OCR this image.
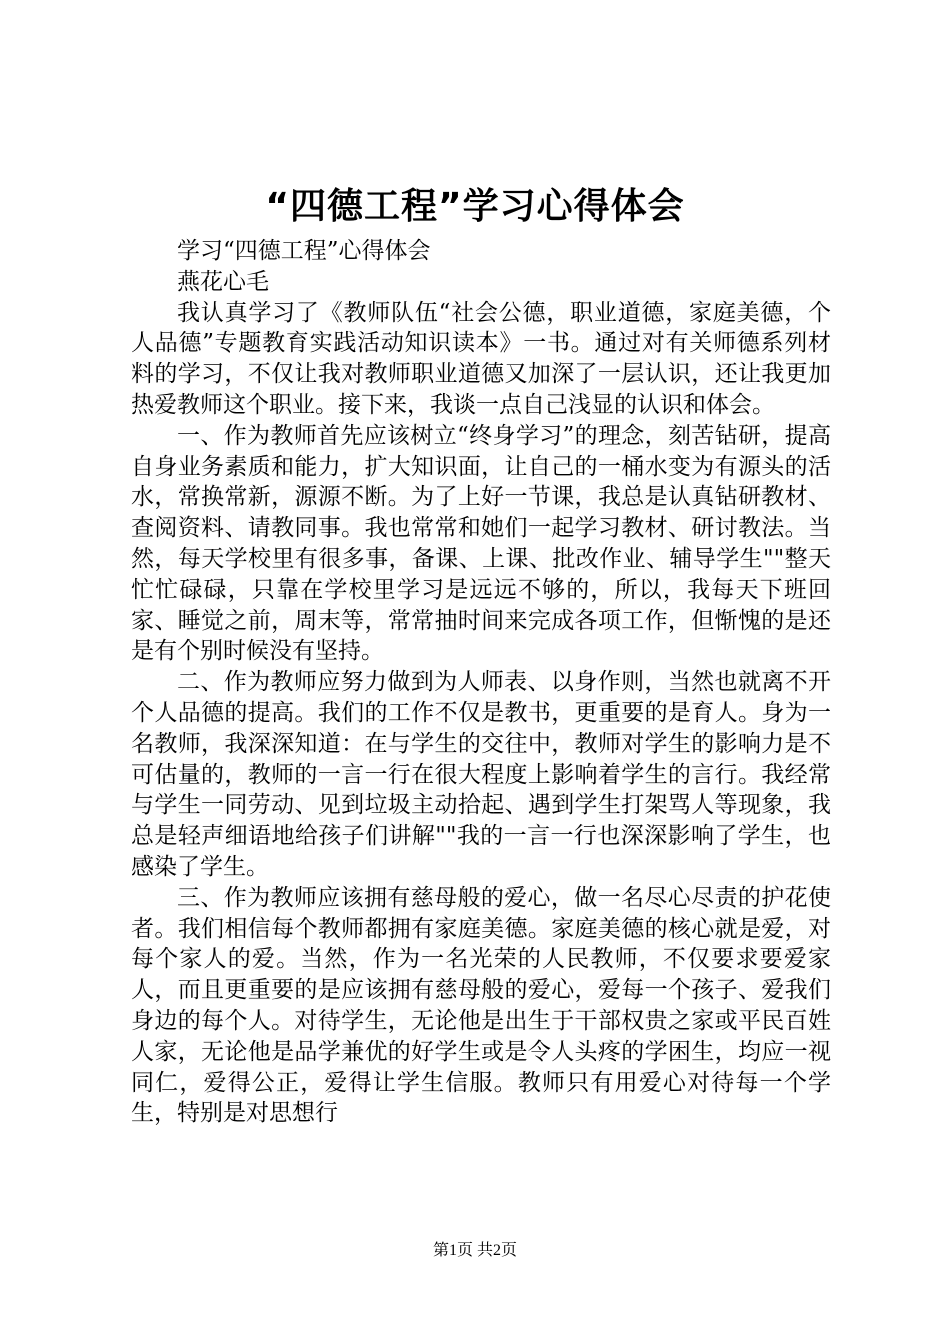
“四德工程”学习心得体会

学习“四德工程”心得体会

燕花心毛

我认真学习了《教师队伍“社会公德，职业道德，家庭美德，个人品德”专题教育实践活动知识读本》一书。通过对有关师德系列材料的学习，不仅让我对教师职业道德又加深了一层认识，还让我更加热爱教师这个职业。接下来，我谈一点自己浅显的认识和体会。

一、作为教师首先应该树立“终身学习”的理念，刻苦钻研，提高自身业务素质和能力，扩大知识面，让自己的一桶水变为有源头的活水，常换常新，源源不断。为了上好一节课，我总是认真钻研教材、查阅资料、请教同事。我也常常和她们一起学习教材、研讨教法。当然，每天学校里有很多事，备课、上课、批改作业、辅导学生""整天忙忙碌碌，只靠在学校里学习是远远不够的，所以，我每天下班回家、睡觉之前，周末等，常常抽时间来完成各项工作，但惭愧的是还是有个别时候没有坚持。

二、作为教师应努力做到为人师表、以身作则，当然也就离不开个人品德的提高。我们的工作不仅是教书，更重要的是育人。身为一名教师，我深深知道：在与学生的交往中，教师对学生的影响力是不可估量的，教师的一言一行在很大程度上影响着学生的言行。我经常与学生一同劳动、见到垃圾主动拾起、遇到学生打架骂人等现象，我总是轻声细语地给孩子们讲解""我的一言一行也深深影响了学生，也感染了学生。

三、作为教师应该拥有慈母般的爱心，做一名尽心尽责的护花使者。我们相信每个教师都拥有家庭美德。家庭美德的核心就是爱，对每个家人的爱。当然，作为一名光荣的人民教师，不仅要求要爱家人，而且更重要的是应该拥有慈母般的爱心，爱每一个孩子、爱我们身边的每个人。对待学生，无论他是出生于干部权贵之家或平民百姓人家，无论他是品学兼优的好学生或是令人头疼的学困生，均应一视同仁，爱得公正，爱得让学生信服。教师只有用爱心对待每一个学生，特别是对思想行

第1页 共2页
